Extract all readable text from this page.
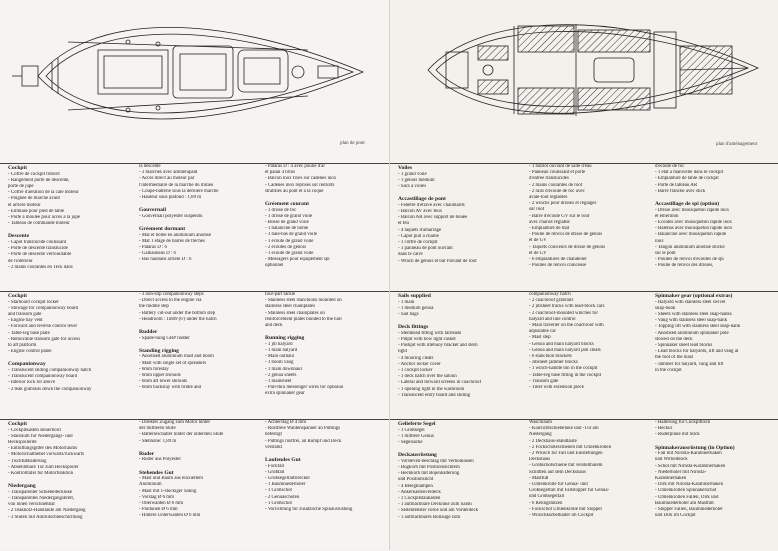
plan de pont
Cockpit
- Coffre de cockpit tribord
- Rangement porte de descente,
porte de jupe
- Coffre d'aération de la cale moteur
- Poignée de marche avant
et arrière moteur
- Emblase pour pied de table
- Porte à moulée pour accès à la jupe
- Tableau de commande moteur
Descente
- Capot translucide coulissant
- Porte de descente translucide
- Porte de descente verrouillable
de l'intérieur
- 2 mains courantes en Teck dans
la descente
- 3 marches avec antidérapant
- Accès direct au moteur par
l'intermédiaire de la marche du milieu
- Coupe-batterie sous la dernière marche
- Hauteur sous plafond : 1,89 m
Gouvernail
- Gouvernail polyester suspendu
Gréement dormant
- Mât et bôme en aluminium anodisé
- Mât 1 étage de barres de flèches
- Pataras D : 6
- Galhaubans D : 6
- Bas haubans arrière D : 6
- Pataras D : 4 avec poulie d'ar
et palan 4 brins
- Balcon inox fixes sur cadènes inox
- Cadènes inox reprises sur renforts
stratifiés au pont et à la coque
Gréement courant
- 1 drisse de foc
- 1 drisse de grand voile
- Bosse de grand voile
- 1 balancine de bôme
- 1 hale-bas de grand voile
- 1 écoute de grand voile
- 2 écoutes de génois
- 1 écoute de grand voile
- Messagers pour équipement spi
optionnel
Cockpit
- Starboard cockpit locker
- Stowage for companionway board
and transom gate
- Engine bay vent
- Forward and reverse control lever
- Table-leg base plate
- Removable transom gate for access
to aft platform
- Engine control panel
Companionway
- Translucent sliding companionway hatch
- Translucent companionway board
- Interior lock for above
- 2 teak grabrails down the companionway
- 3 non-slip companionway steps
- Direct access to the engine via
the middle step
- Battery cut-out under the bottom step
- Headroom : 1m89 (6') under the hatch
Rudder
- Spade-hung GRP rudder
Standing rigging
- Anodised aluminium mast and boom
- Mast with single set of spreaders
- 6mm forestay
- 6mm upper shrouds
- 6mm aft lower shrouds
- 6mm backstay with bridle and
four-part tackle
- Stainless steel stanchions mounted on
stainless steel chainplates
- Stainless steel chainplates on
reinforcement plates bonded to the hull
and deck
Running rigging
- 1 jib halyard
- 1 main halyard
- Main outhaul
- 1 boom vang
- 1 main downhaul
- 2 genoa sheets
- 1 mainsheet
- Pull-thru messenger wires for optional
extra spinnaker gear
Cockpit
- Cockpitkasten steuerbord
- Stauraum für Niedergangs- und
Heckspoilerite
- Entlüftungsgitter des Motorraums
- Motorschalthebel vorwärts/rückwärts
- Tischfußhalterung
- Abnehmbare Tür zum Heckspoiler
- Kontrolltafel für Motorfunktion
Niedergang
- Transparenter Schiebedeckluke
- Transparentes Niedergangsbrett,
von innen verschließbar
- 2 Teakholz-Handläufe am Niedergang
- 3 Stufen mit Antirutschbeschichtung
- Direkter Zugang zum Motor hinter
der mittleren Stufe
- Batterieschalter hinter der untersten Stufe
- Stehhöhe: 1,89 m
Ruder
- Ruder aus Polyester
Stehendes Gut
- Mast und Baum aus eloxiertem
Aluminium
- Mast mit 1-stöckiger Saling
- Vorstag Ø 6 mm
- Oberwanten Ø 6 mm
- Pardunen Ø 6 mm
- Hintere Unterwanten Ø 6 mm
- Achterstag Ø 4 mm
- Rostfreie Wantenspanner an Püttings
befestigt
- Püttings rostfrei, an Rumpf und Deck
verstärkt
Laufendes Gut
- Fockfall
- Großfall
- Großsegelfaltstrecker
- 1 Baumniederholer
- 1 Großschot
- 2 Genuaschoten
- 1 Großschot
- Vorrichtung für zusätzliche Spinausrüstung
plan d'aménagement
Voiles
- 1 grand voile
- 1 génois médium
- Sacs à voiles
Accastillage de pont
- Fenêtre d'étrave avec chaumards
- Balcon AV avec feux
- Balcon AR avec support de bouée
et feu
- 4 taquets d'amarrage
- Capot puit à chaîne
- 1 coffre de cockpit
- 1 panneau de pont ouvrant
dans le carré
- Winch de génois et bar Paviant de roof
- 1 hublot ouvrant de salle d'eau
- Panneau coulissant et porte
d'entrée translucides
- 2 mains courantes de roof
- 2 rails d'écoute de foc avec
avale-tout réglables
- 2 winchs pour drisses et réglages
sur roof
- Barre d'écoute GV sur le roof
avec chariot réglable
- Emplanture de mât
- Poulie de renvoi de drisse de génois
et de GV
- Taquets coinceurs de drisse de génois
et de GV
- 6 emplantures de chandelier
- Poulies de renvoi coinceuse
d'écoute de foc
- 1 état à manivelle dans le cockpit
- Emplanture de table de cockpit
- Porte de tableau AR
- Barre franche avec stick
Accastillage de spi (option)
- Drisse avec mousqueton rapide inox
et émerillon
- Écoutes avec mousqueton rapide inox
- Halebas avec mousqueton rapide inox
- Balancine avec mousqueton rapide
inox
- Tangon aluminium anodisé stocké
sur le pont
- Poulies de renvoi d'écoutes de spi
- Poulie de renvoi des drisses,
Sails supplied
- 1 main
- 1 medium genoa
- Sail bags
Deck fittings
- Stemhead fitting with fairleads
- Pulpit with bow light casket
- Pushpit with lifebuoy bracket and stern
light
- 4 mooring cleats
- Anchor locker cover
- 1 cockpit locker
- 1 deck hatch over the saloon
- Lateral and forward screens in coachroof
- 1 opening light in the washroom
- Translucent entry board and sliding
companionway hatch
- 2 coachroof grabrails
- 2 jibsheet tracks with lead-block cars
- 2 coachroof-mounted winches for
halyard and line control
- Main traveller on the coachroof with
adjustable car
- Mast step
- Genoa and main halyard blocks
- Genoa and main halyard jam cleats
- 6 stanchion brackets
- Jibsheet jammer blocks
- 1 winch-handle bin in the cockpit
- Table-leg base fitting in the cockpit
- Transom gate
- Tiller with extension piece
Spinnaker gear (optional extras)
- Halyard with stainless steel swivel
snap-hook
- Sheets with stainless steel snap-hanks
- Vang with stainless steel snap-hank
- Topping lift with stainless steel snap-hank
- Anodised aluminium spinnaker pole
stowed on the deck
- Spinnaker sheet lead blocks
- Lead blocks for halyards, lift and vang at
the foot of the mast
- Jammer for halyard, vang and lift
in the cockpit
Gelieferte Segel
- 1 Großsegel
- 1 mittlere Genua
- Segelsäcke
Deckausrüstung
- Vorsteven-beschlag mit Verholklüsen
- Bugkorb mit Positionslichtern
- Heckkorb mit Bojenhalterung
und Positionslicht
- 4 Belegklampen
- Ankerkastenverdeck
- 1 Cockpitstaukasten
- 1 aufmachbare Deckluke zum Salon
- Seitenfenster vorne und am Vorderdeck
- 1 aufmachbares Bullauge zum
Waschraum
- Klarsichtschiebeluke und -Tür am
Niedergang
- 2 Deckhaus-Handläufe
- 2 Fockschoteschienen mit Umlenkrollen
- 2 Winsch für Fall und Einstellungen
Deckshaus
- Großschotschiene mit verstellbarem
Schlitten auf dem Deckshaus
- Mastfuß
- Umlenkrolle für Genua- und
Großsegelfall mit Fallstopper für Genua-
und Großsegelfall
- 6 Relingstützen
- Fockschot Umlenkrolle mit Stopper
- Winschkurbelhalter im Cockpit
- Halterung für Cockpittisch
- Heckür
- Ruderpinne mit Stick
Spinnakerausrüstung (in Option)
- Fall mit Nirosta-Karabinerhaken
und Wirbelblock
- Schot mit Nirosta-Karabinerhaken
- Niederholer mit Nirosta-
Karabinerhaken
- Dirk mit Nirosta-Karabinerhaken
- Umlenkrollen Spinnakerschot
- Umlenkrollen Fallen, Dirk und
Baumniederholer am Mastfuß
- Stopper Fallen, Baumniederholer
und Dirk im Cockpit
